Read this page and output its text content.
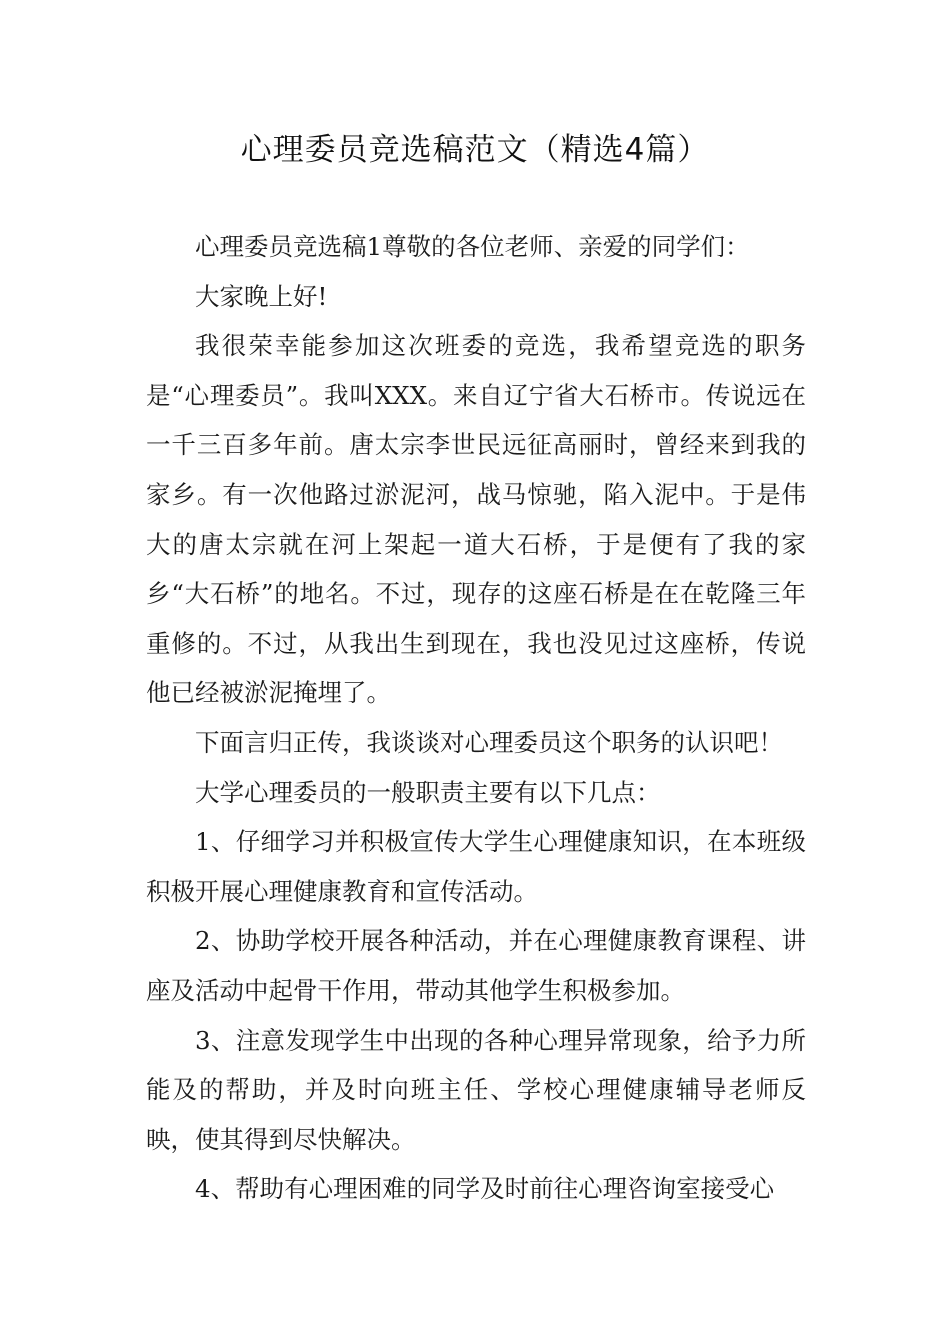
心理委员竞选稿范文（精选4篇）

心理委员竞选稿1尊敬的各位老师、亲爱的同学们：

大家晚上好!

我很荣幸能参加这次班委的竞选，我希望竞选的职务是“心理委员”。我叫XXX。来自辽宁省大石桥市。传说远在一千三百多年前。唐太宗李世民远征高丽时，曾经来到我的家乡。有一次他路过淤泥河，战马惊驰，陷入泥中。于是伟大的唐太宗就在河上架起一道大石桥，于是便有了我的家乡“大石桥”的地名。不过，现存的这座石桥是在在乾隆三年重修的。不过，从我出生到现在，我也没见过这座桥，传说他已经被淤泥掩埋了。

下面言归正传，我谈谈对心理委员这个职务的认识吧！

大学心理委员的一般职责主要有以下几点：

1、仔细学习并积极宣传大学生心理健康知识，在本班级积极开展心理健康教育和宣传活动。

2、协助学校开展各种活动，并在心理健康教育课程、讲座及活动中起骨干作用，带动其他学生积极参加。

3、注意发现学生中出现的各种心理异常现象，给予力所能及的帮助，并及时向班主任、学校心理健康辅导老师反映，使其得到尽快解决。

4、帮助有心理困难的同学及时前往心理咨询室接受心
